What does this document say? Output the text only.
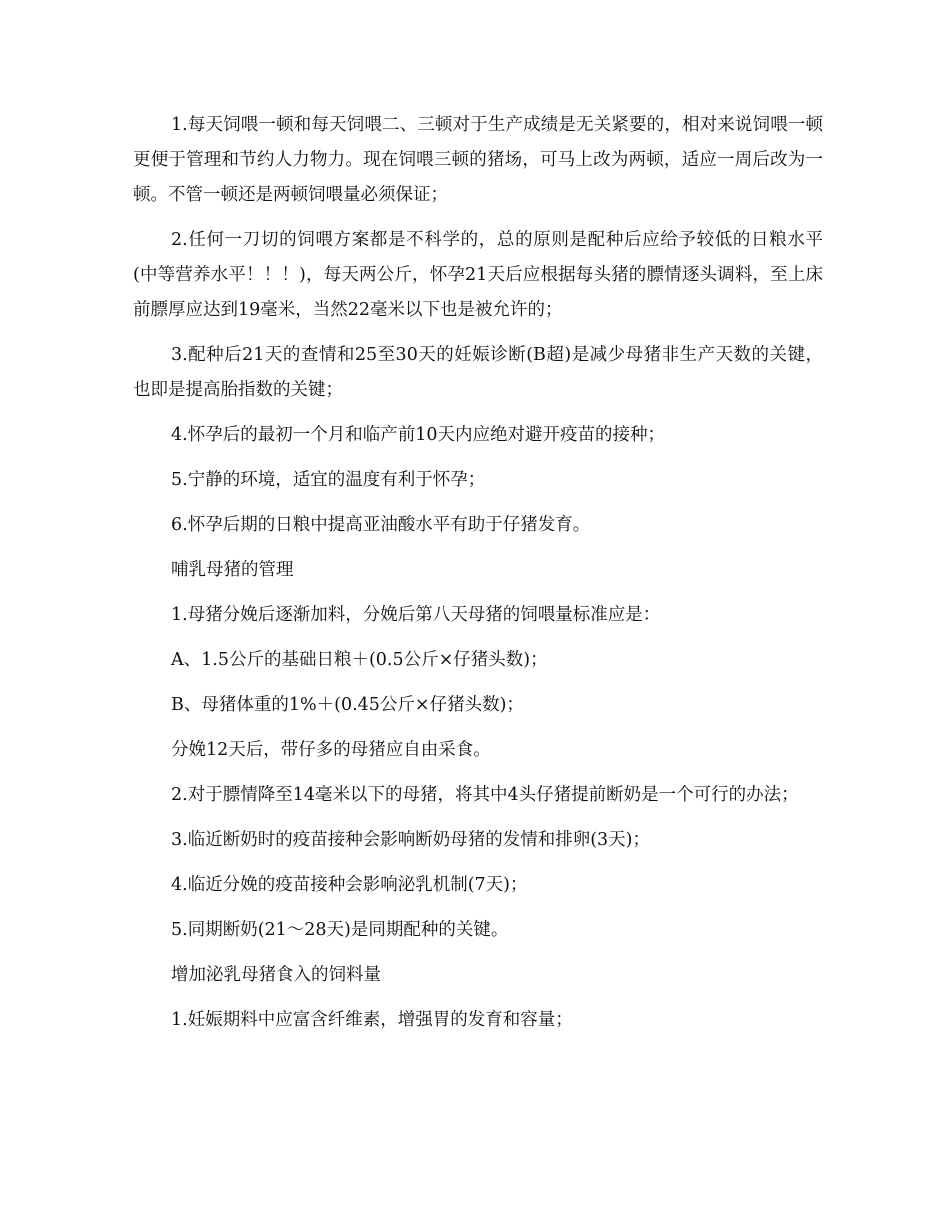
1.每天饲喂一顿和每天饲喂二、三顿对于生产成绩是无关紧要的，相对来说饲喂一顿更便于管理和节约人力物力。现在饲喂三顿的猪场，可马上改为两顿，适应一周后改为一顿。不管一顿还是两顿饲喂量必须保证；

2.任何一刀切的饲喂方案都是不科学的，总的原则是配种后应给予较低的日粮水平(中等营养水平！！！)，每天两公斤，怀孕21天后应根据每头猪的膘情逐头调料，至上床前膘厚应达到19毫米，当然22毫米以下也是被允许的；

3.配种后21天的查情和25至30天的妊娠诊断(B超)是减少母猪非生产天数的关键，也即是提高胎指数的关键；

4.怀孕后的最初一个月和临产前10天内应绝对避开疫苗的接种；

5.宁静的环境，适宜的温度有利于怀孕；

6.怀孕后期的日粮中提高亚油酸水平有助于仔猪发育。

哺乳母猪的管理

1.母猪分娩后逐渐加料，分娩后第八天母猪的饲喂量标准应是：

A、1.5公斤的基础日粮＋(0.5公斤×仔猪头数)；

B、母猪体重的1%＋(0.45公斤×仔猪头数)；

分娩12天后，带仔多的母猪应自由采食。

2.对于膘情降至14毫米以下的母猪，将其中4头仔猪提前断奶是一个可行的办法；

3.临近断奶时的疫苗接种会影响断奶母猪的发情和排卵(3天)；

4.临近分娩的疫苗接种会影响泌乳机制(7天)；

5.同期断奶(21～28天)是同期配种的关键。

增加泌乳母猪食入的饲料量

1.妊娠期料中应富含纤维素，增强胃的发育和容量；
